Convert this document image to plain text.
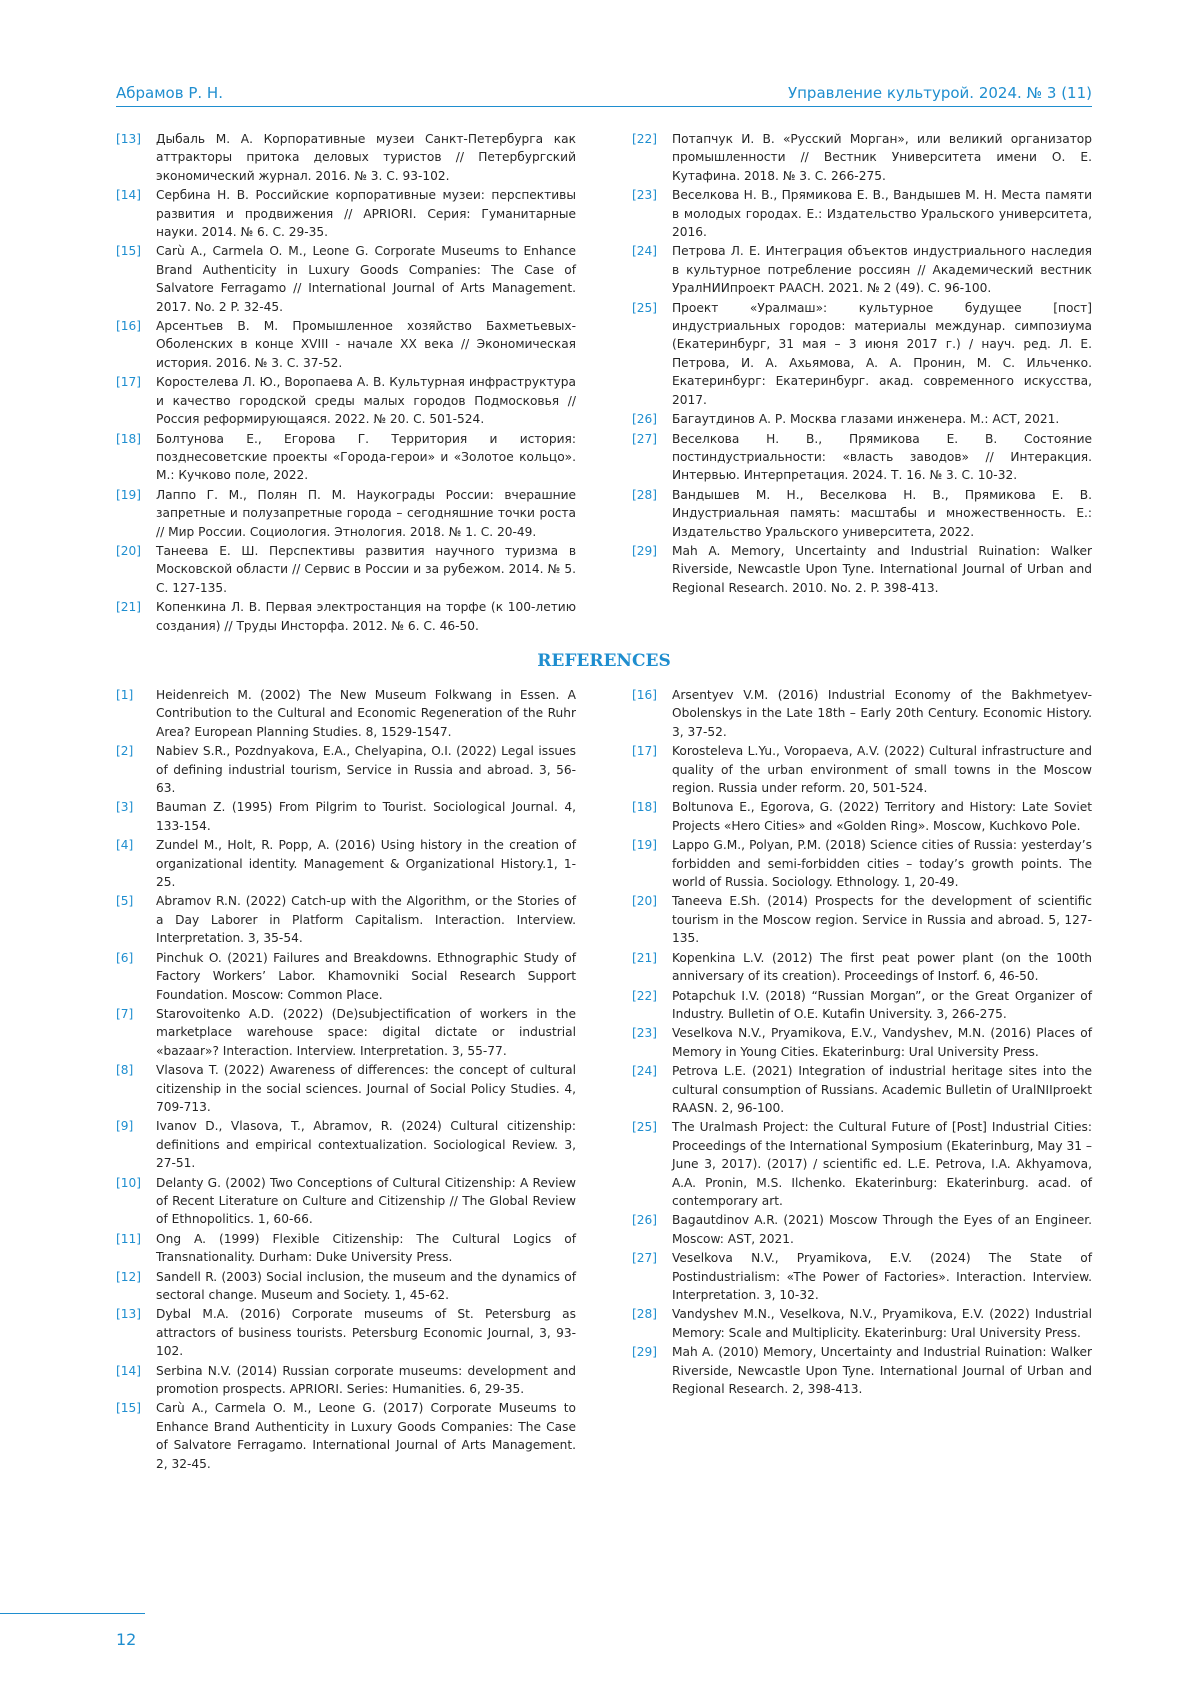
Абрамов Р. Н.	Управление культурой. 2024. № 3 (11)
[13]	Дыбаль М. А. Корпоративные музеи Санкт-Петербурга как аттракторы притока деловых туристов // Петербургский экономический журнал. 2016. № 3. С. 93-102.
[14]	Сербина Н. В. Российские корпоративные музеи: перспективы развития и продвижения // APRIORI. Серия: Гуманитарные науки. 2014. № 6. С. 29-35.
[15]	Carù A., Carmela O. M., Leone G. Corporate Museums to Enhance Brand Authenticity in Luxury Goods Companies: The Case of Salvatore Ferragamo // International Journal of Arts Management. 2017. No. 2 P. 32-45.
[16]	Арсентьев В. М. Промышленное хозяйство Бахметьевых-Оболенских в конце XVIII - начале XX века // Экономическая история. 2016. № 3. С. 37-52.
[17]	Коростелева Л. Ю., Воропаева А. В. Культурная инфраструктура и качество городской среды малых городов Подмосковья // Россия реформирующаяся. 2022. № 20. С. 501-524.
[18]	Болтунова Е., Егорова Г. Территория и история: позднесоветские проекты «Города-герои» и «Золотое кольцо». М.: Кучково поле, 2022.
[19]	Лаппо Г. М., Полян П. М. Наукограды России: вчерашние запретные и полузапретные города – сегодняшние точки роста // Мир России. Социология. Этнология. 2018. № 1. С. 20-49.
[20]	Танеева Е. Ш. Перспективы развития научного туризма в Московской области // Сервис в России и за рубежом. 2014. № 5. С. 127-135.
[21]	Копенкина Л. В. Первая электростанция на торфе (к 100-летию создания) // Труды Инсторфа. 2012. № 6. С. 46-50.
[22]	Потапчук И. В. «Русский Морган», или великий организатор промышленности // Вестник Университета имени О. Е. Кутафина. 2018. № 3. С. 266-275.
[23]	Веселкова Н. В., Прямикова Е. В., Вандышев М. Н. Места памяти в молодых городах. Е.: Издательство Уральского университета, 2016.
[24]	Петрова Л. Е. Интеграция объектов индустриального наследия в культурное потребление россиян // Академический вестник УралНИИпроект РААСН. 2021. № 2 (49). С. 96-100.
[25]	Проект «Уралмаш»: культурное будущее [пост] индустриальных городов: материалы междунар. симпозиума (Екатеринбург, 31 мая – 3 июня 2017 г.) / науч. ред. Л. Е. Петрова, И. А. Ахьямова, А. А. Пронин, М. С. Ильченко. Екатеринбург: Екатеринбург. акад. современного искусства, 2017.
[26]	Багаутдинов А. Р. Москва глазами инженера. М.: АСТ, 2021.
[27]	Веселкова Н. В., Прямикова Е. В. Состояние постиндустриальности: «власть заводов» // Интеракция. Интервью. Интерпретация. 2024. Т. 16. № 3. С. 10-32.
[28]	Вандышев М. Н., Веселкова Н. В., Прямикова Е. В. Индустриальная память: масштабы и множественность. Е.: Издательство Уральского университета, 2022.
[29]	Mah A. Memory, Uncertainty and Industrial Ruination: Walker Riverside, Newcastle Upon Tyne. International Journal of Urban and Regional Research. 2010. No. 2. P. 398-413.
REFERENCES
[1]	Heidenreich M. (2002) The New Museum Folkwang in Essen. A Contribution to the Cultural and Economic Regeneration of the Ruhr Area? European Planning Studies. 8, 1529-1547.
[2]	Nabiev S.R., Pozdnyakova, E.A., Chelyapina, O.I. (2022) Legal issues of defining industrial tourism, Service in Russia and abroad. 3, 56-63.
[3]	Bauman Z. (1995) From Pilgrim to Tourist. Sociological Journal. 4, 133-154.
[4]	Zundel M., Holt, R. Popp, A. (2016) Using history in the creation of organizational identity. Management & Organizational History.1, 1-25.
[5]	Abramov R.N. (2022) Catch-up with the Algorithm, or the Stories of a Day Laborer in Platform Capitalism. Interaction. Interview. Interpretation. 3, 35-54.
[6]	Pinchuk O. (2021) Failures and Breakdowns. Ethnographic Study of Factory Workers’ Labor. Khamovniki Social Research Support Foundation. Moscow: Common Place.
[7]	Starovoitenko A.D. (2022) (De)subjectification of workers in the marketplace warehouse space: digital dictate or industrial «bazaar»? Interaction. Interview. Interpretation. 3, 55-77.
[8]	Vlasova T. (2022) Awareness of differences: the concept of cultural citizenship in the social sciences. Journal of Social Policy Studies. 4, 709-713.
[9]	Ivanov D., Vlasova, T., Abramov, R. (2024) Cultural citizenship: definitions and empirical contextualization. Sociological Review. 3, 27-51.
[10]	Delanty G. (2002) Two Conceptions of Cultural Citizenship: A Review of Recent Literature on Culture and Citizenship // The Global Review of Ethnopolitics. 1, 60-66.
[11]	Ong A. (1999) Flexible Citizenship: The Cultural Logics of Transnationality. Durham: Duke University Press.
[12]	Sandell R. (2003) Social inclusion, the museum and the dynamics of sectoral change. Museum and Society. 1, 45-62.
[13]	Dybal M.A. (2016) Corporate museums of St. Petersburg as attractors of business tourists. Petersburg Economic Journal, 3, 93-102.
[14]	Serbina N.V. (2014) Russian corporate museums: development and promotion prospects. APRIORI. Series: Humanities. 6, 29-35.
[15]	Carù A., Carmela O. M., Leone G. (2017) Corporate Museums to Enhance Brand Authenticity in Luxury Goods Companies: The Case of Salvatore Ferragamo. International Journal of Arts Management. 2, 32-45.
[16]	Arsentyev V.M. (2016) Industrial Economy of the Bakhmetyev-Obolenskys in the Late 18th – Early 20th Century. Economic History. 3, 37-52.
[17]	Korosteleva L.Yu., Voropaeva, A.V. (2022) Cultural infrastructure and quality of the urban environment of small towns in the Moscow region. Russia under reform. 20, 501-524.
[18]	Boltunova E., Egorova, G. (2022) Territory and History: Late Soviet Projects «Hero Cities» and «Golden Ring». Moscow, Kuchkovo Pole.
[19]	Lappo G.M., Polyan, P.M. (2018) Science cities of Russia: yesterday’s forbidden and semi-forbidden cities – today’s growth points. The world of Russia. Sociology. Ethnology. 1, 20-49.
[20]	Taneeva E.Sh. (2014) Prospects for the development of scientific tourism in the Moscow region. Service in Russia and abroad. 5, 127-135.
[21]	Kopenkina L.V. (2012) The first peat power plant (on the 100th anniversary of its creation). Proceedings of Instorf. 6, 46-50.
[22]	Potapchuk I.V. (2018) “Russian Morgan”, or the Great Organizer of Industry. Bulletin of O.E. Kutafin University. 3, 266-275.
[23]	Veselkova N.V., Pryamikova, E.V., Vandyshev, M.N. (2016) Places of Memory in Young Cities. Ekaterinburg: Ural University Press.
[24]	Petrova L.E. (2021) Integration of industrial heritage sites into the cultural consumption of Russians. Academic Bulletin of UralNIIproekt RAASN. 2, 96-100.
[25]	The Uralmash Project: the Cultural Future of [Post] Industrial Cities: Proceedings of the International Symposium (Ekaterinburg, May 31 – June 3, 2017). (2017) / scientific ed. L.E. Petrova, I.A. Akhyamova, A.A. Pronin, M.S. Ilchenko. Ekaterinburg: Ekaterinburg. acad. of contemporary art.
[26]	Bagautdinov A.R. (2021) Moscow Through the Eyes of an Engineer. Moscow: AST, 2021.
[27]	Veselkova N.V., Pryamikova, E.V. (2024) The State of Postindustrialism: «The Power of Factories». Interaction. Interview. Interpretation. 3, 10-32.
[28]	Vandyshev M.N., Veselkova, N.V., Pryamikova, E.V. (2022) Industrial Memory: Scale and Multiplicity. Ekaterinburg: Ural University Press.
[29]	Mah A. (2010) Memory, Uncertainty and Industrial Ruination: Walker Riverside, Newcastle Upon Tyne. International Journal of Urban and Regional Research. 2, 398-413.
12
